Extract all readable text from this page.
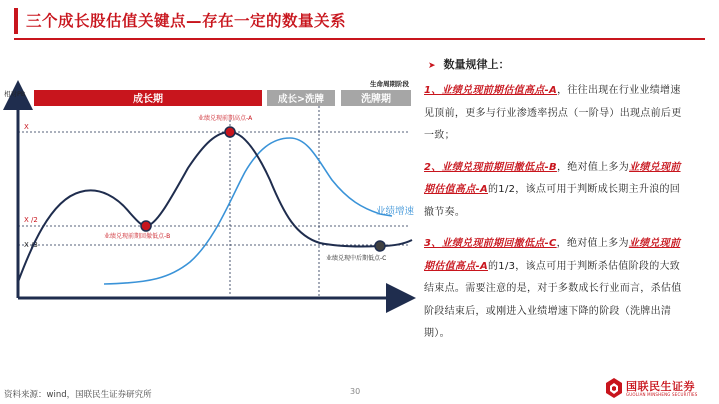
三个成长股估值关键点—存在一定的数量关系
相对PB
生命周期阶段
成长期	成长>洗牌	洗牌期
X
X /2
X /3
业绩增速
业绩兑现前期高点-A
业绩兑现前期回撤低点-B
业绩兑现中后期低点-C
➤ 数量规律上：
1、业绩兑现前期估值高点-A，往往出现在行业业绩增速见顶前，更多与行业渗透率拐点（一阶导）出现点前后更一致；
2、业绩兑现前期回撤低点-B，绝对值上多为业绩兑现前期估值高点-A的1/2，该点可用于判断成长期主升浪的回撤节奏。
3、业绩兑现前期回撤低点-C，绝对值上多为业绩兑现前期估值高点-A的1/3，该点可用于判断杀估值阶段的大致结束点。需要注意的是，对于多数成长行业而言，杀估值阶段结束后，或刚进入业绩增速下降的阶段（洗牌出清期）。
资料来源：wind，国联民生证券研究所	30	国联民生证券
GUOLIAN MINSHENG SECURITIES
